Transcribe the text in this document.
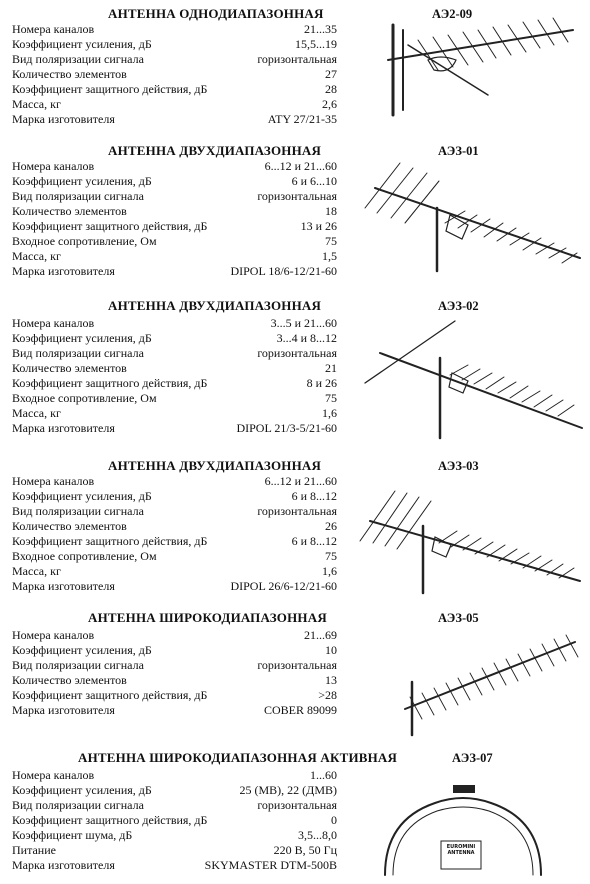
АНТЕННА ОДНОДИАПАЗОННАЯ	АЭ2-09
Номера каналов	21...35
Коэффициент усиления, дБ	15,5...19
Вид поляризации сигнала	горизонтальная
Количество элементов	27
Коэффициент защитного действия, дБ	28
Масса, кг	2,6
Марка изготовителя	ATY 27/21-35
АНТЕННА ДВУХДИАПАЗОННАЯ	АЭЗ-01
Номера каналов	6...12 и 21...60
Коэффициент усиления, дБ	6 и 6...10
Вид поляризации сигнала	горизонтальная
Количество элементов	18
Коэффициент защитного действия, дБ	13 и 26
Входное сопротивление, Ом	75
Масса, кг	1,5
Марка изготовителя	DIPOL 18/6-12/21-60
АНТЕННА ДВУХДИАПАЗОННАЯ	АЭЗ-02
Номера каналов	3...5 и 21...60
Коэффициент усиления, дБ	3...4 и 8...12
Вид поляризации сигнала	горизонтальная
Количество элементов	21
Коэффициент защитного действия, дБ	8 и 26
Входное сопротивление, Ом	75
Масса, кг	1,6
Марка изготовителя	DIPOL 21/3-5/21-60
АНТЕННА ДВУХДИАПАЗОННАЯ	АЭЗ-03
Номера каналов	6...12 и 21...60
Коэффициент усиления, дБ	6 и 8...12
Вид поляризации сигнала	горизонтальная
Количество элементов	26
Коэффициент защитного действия, дБ	6 и 8...12
Входное сопротивление, Ом	75
Масса, кг	1,6
Марка изготовителя	DIPOL 26/6-12/21-60
АНТЕННА ШИРОКОДИАПАЗОННАЯ	АЭЗ-05
Номера каналов	21...69
Коэффициент усиления, дБ	10
Вид поляризации сигнала	горизонтальная
Количество элементов	13
Коэффициент защитного действия, дБ	>28
Марка изготовителя	COBER 89099
АНТЕННА ШИРОКОДИАПАЗОННАЯ АКТИВНАЯ	АЭЗ-07
Номера каналов	1...60
Коэффициент усиления, дБ	25 (МВ), 22 (ДМВ)
Вид поляризации сигнала	горизонтальная
Коэффициент защитного действия, дБ	0
Коэффициент шума, дБ	3,5...8,0
Питание	220 В, 50 Гц
Марка изготовителя	SKYMASTER DTM-500B
EUROMINI ANTENNA
